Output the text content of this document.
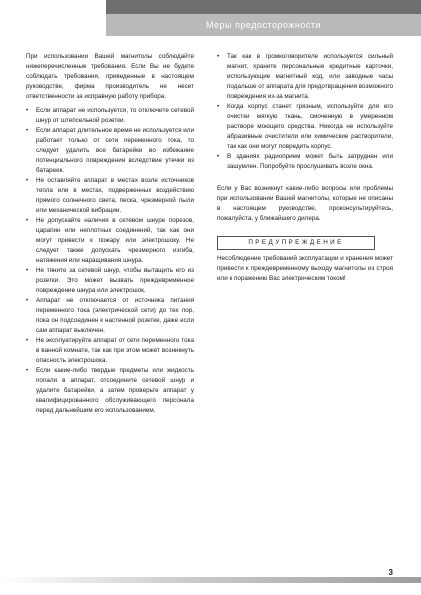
Меры предосторожности

При использовании Вашей магнитолы соблюдайте нижеперечисленные требования. Если Вы не будете соблюдать требования, приведенные в настоящем руководстве, фирма производитель не несет ответственности за исправную работу прибора.

• Если аппарат не используется, то отключите сетевой шнур от штепсельной розетки.
• Если аппарат длительное время не используется или работает только от сети переменного тока, то следует удалить все батарейки во избежание потенциального повреждения вследствие утечки из батареек.
• Не оставляйте аппарат в местах возле источников тепла или в местах, подверженных воздействию прямого солнечного света, песка, чрезмерной пыли или механической вибрации.
• Не допускайте наличия в сетевом шнуре порезов, царапин или неплотных соединений, так как они могут привести к пожару или электрошоку. Не следует также допускать чрезмерного изгиба, натяжения или наращивания шнура.
• Не тяните за сетевой шнур, чтобы вытащить его из розетки. Это может вызвать преждевременное повреждение шнура или электрошок.
• Аппарат не отключается от источника питания переменного тока (электрической сети) до тех пор, пока он подсоединен к настенной розетке, даже если сам аппарат выключен.
• Не эксплуатируйте аппарат от сети переменного тока в ванной комнате, так как при этом может возникнуть опасность электрошока.
• Если какие-либо твердые предметы или жидкость попали в аппарат, отсоедините сетевой шнур и удалите батарейки, а затем проверьте аппарат у квалифицированного обслуживающего персонала перед дальнейшим его использованием.
• Так как в громкоговорителе используется сильный магнит, храните персональные кредитные карточки, использующие магнитный код, или заводные часы подальше от аппарата для предотвращения возможного повреждения из-за магнита.
• Когда корпус станет грязным, используйте для его очистки мягкую ткань, смоченную в умеренном растворе моющего средства. Никогда не используйте абразивные очистители или химические растворители, так как они могут повредить корпус.
• В зданиях радиоприем может быть затруднен или зашумлен. Попробуйте прослушивать возле окна.

Если у Вас возникнут какие-либо вопросы или проблемы при использовании Вашей магнитолы, которые не описаны в настоящем руководстве, проконсультируйтесь, пожалуйста, у ближайшего дилера.

ПРЕДУПРЕЖДЕНИЕ

Несоблюдение требований эксплуатации и хранения может привести к преждевременному выходу магнитолы из строя или к поражению Вас электрическим током!

3
